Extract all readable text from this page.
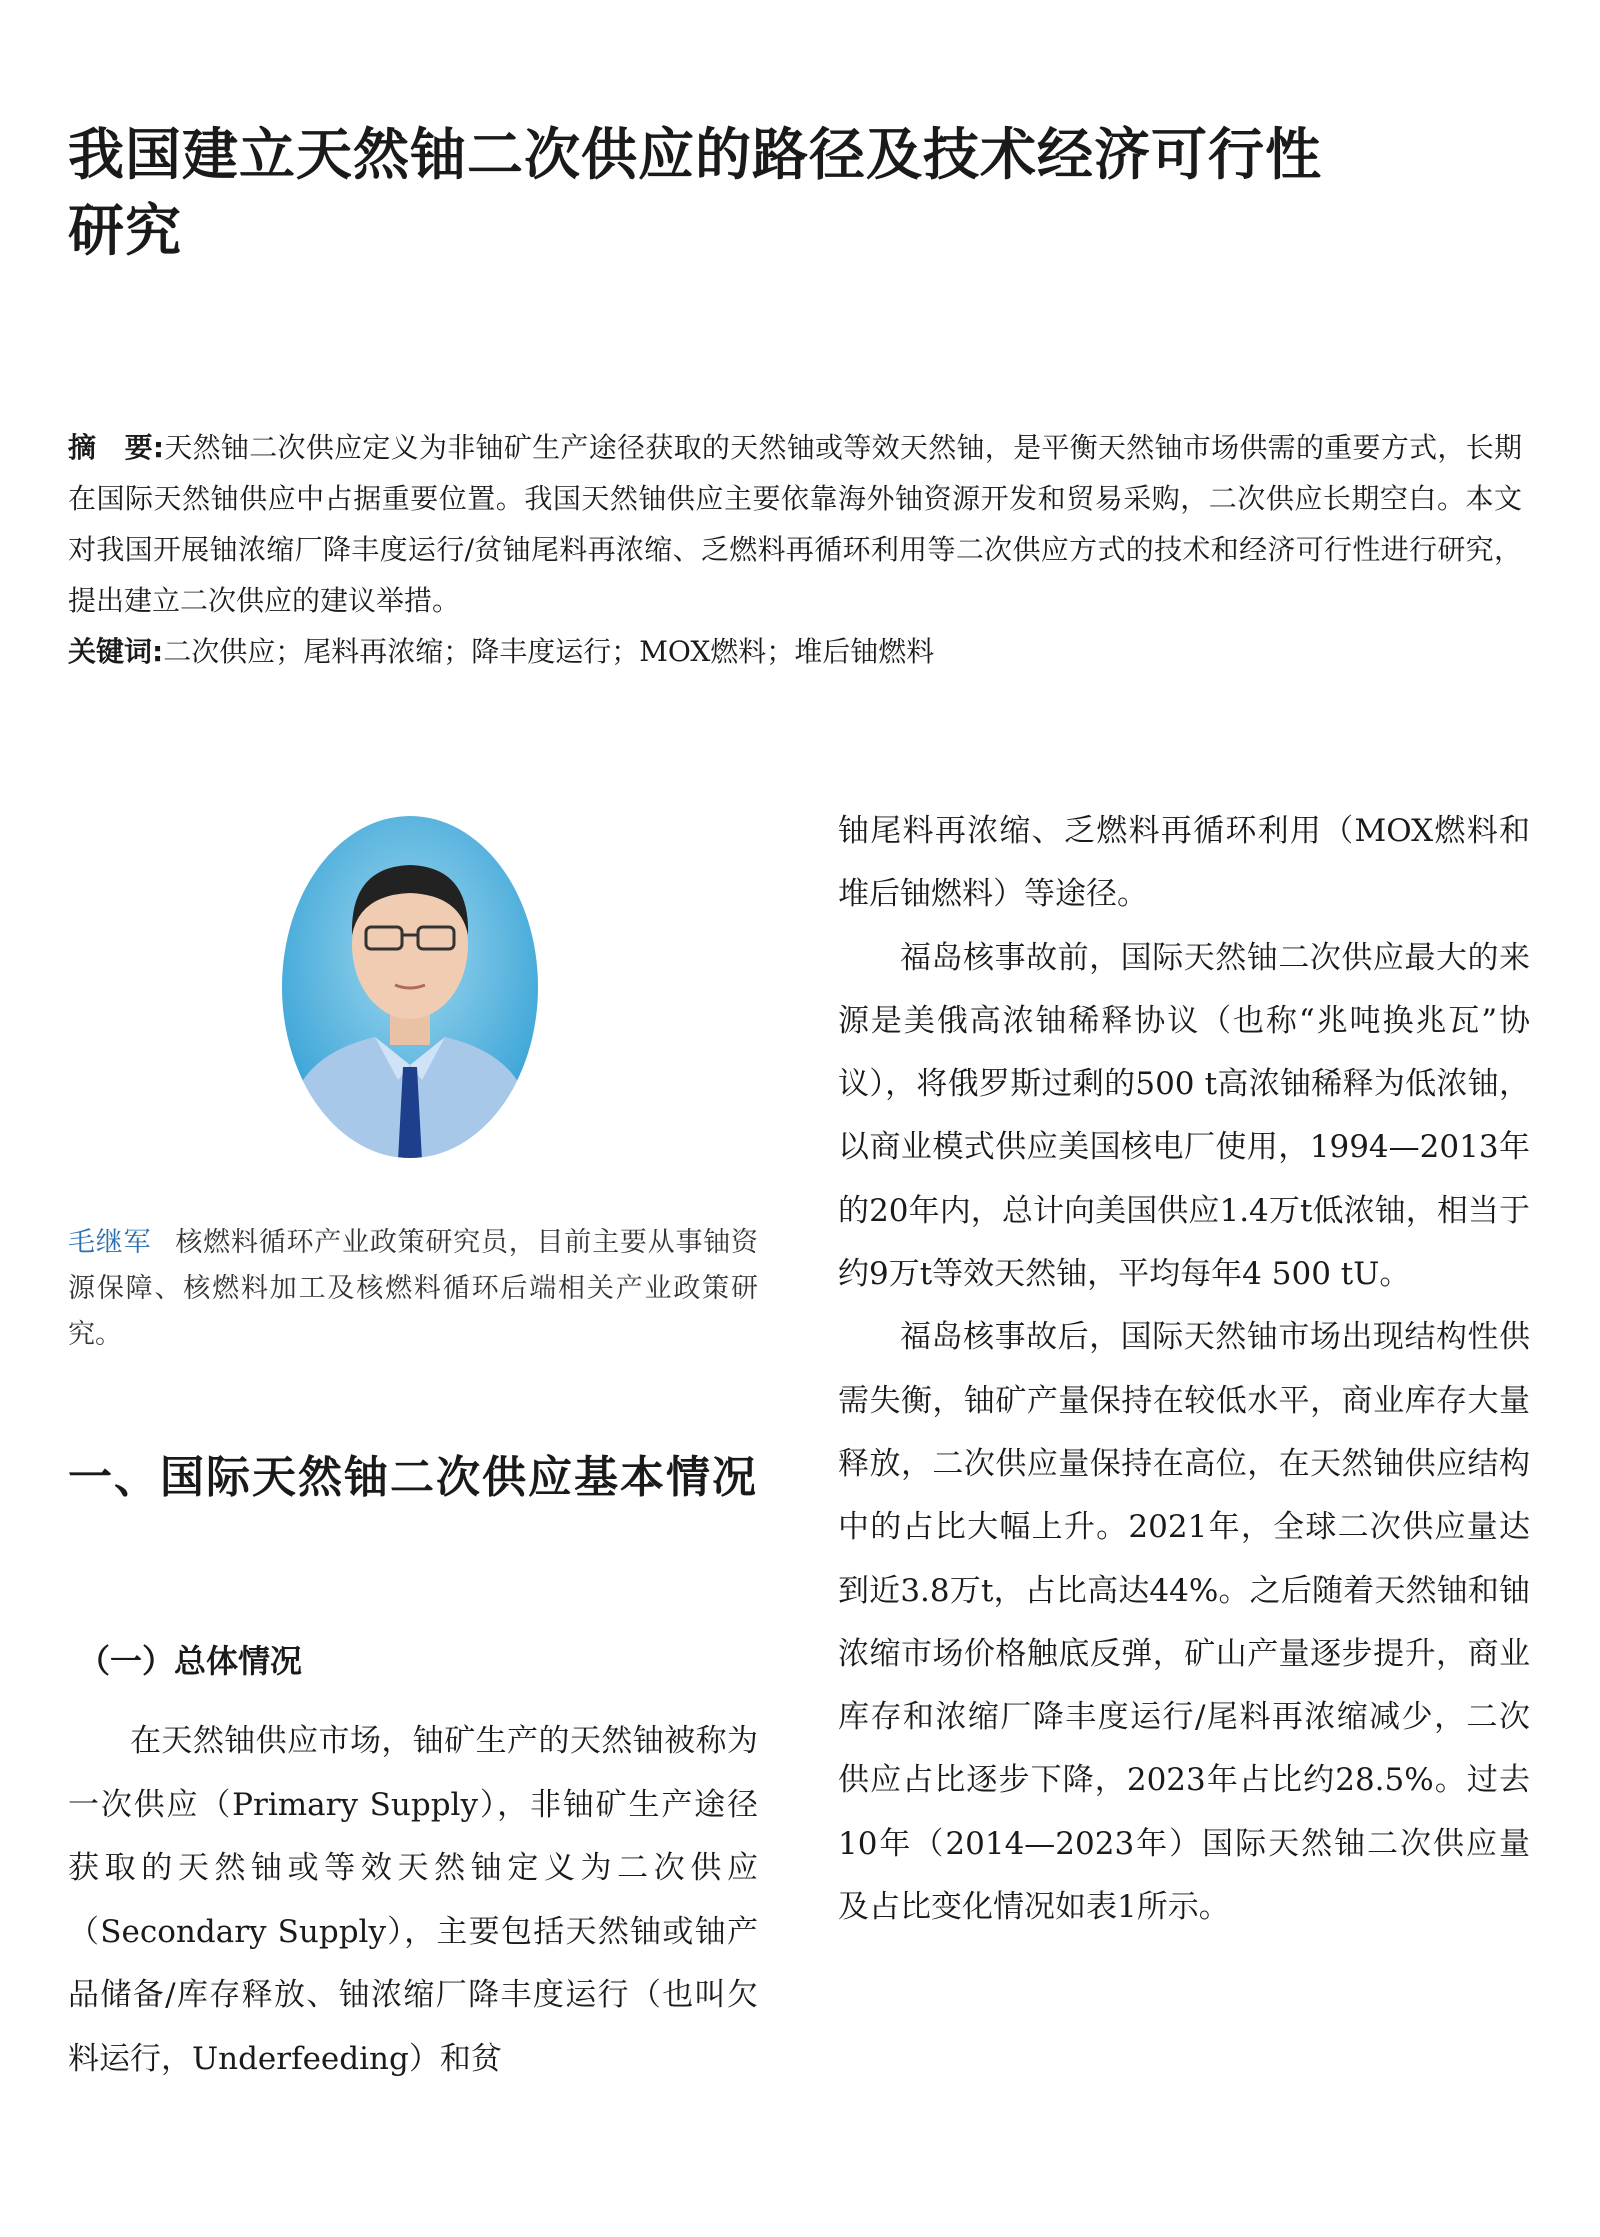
我国建立天然铀二次供应的路径及技术经济可行性
研究

摘　要:天然铀二次供应定义为非铀矿生产途径获取的天然铀或等效天然铀，是平衡天然铀市场供需的重要方式，长期在国际天然铀供应中占据重要位置。我国天然铀供应主要依靠海外铀资源开发和贸易采购，二次供应长期空白。本文对我国开展铀浓缩厂降丰度运行/贫铀尾料再浓缩、乏燃料再循环利用等二次供应方式的技术和经济可行性进行研究，提出建立二次供应的建议举措。

关键词:二次供应；尾料再浓缩；降丰度运行；MOX燃料；堆后铀燃料

毛继军 核燃料循环产业政策研究员，目前主要从事铀资源保障、核燃料加工及核燃料循环后端相关产业政策研究。
一、国际天然铀二次供应基本情况
（一）总体情况

在天然铀供应市场，铀矿生产的天然铀被称为一次供应（Primary Supply），非铀矿生产途径获取的天然铀或等效天然铀定义为二次供应（Secondary Supply），主要包括天然铀或铀产品储备/库存释放、铀浓缩厂降丰度运行（也叫欠料运行，Underfeeding）和贫

铀尾料再浓缩、乏燃料再循环利用（MOX燃料和堆后铀燃料）等途径。

福岛核事故前，国际天然铀二次供应最大的来源是美俄高浓铀稀释协议（也称“兆吨换兆瓦”协议），将俄罗斯过剩的500 t高浓铀稀释为低浓铀，以商业模式供应美国核电厂使用，1994—2013年的20年内，总计向美国供应1.4万t低浓铀，相当于约9万t等效天然铀，平均每年4 500 tU。

福岛核事故后，国际天然铀市场出现结构性供需失衡，铀矿产量保持在较低水平，商业库存大量释放，二次供应量保持在高位，在天然铀供应结构中的占比大幅上升。2021年，全球二次供应量达到近3.8万t，占比高达44%。之后随着天然铀和铀浓缩市场价格触底反弹，矿山产量逐步提升，商业库存和浓缩厂降丰度运行/尾料再浓缩减少，二次供应占比逐步下降，2023年占比约28.5%。过去10年（2014—2023年）国际天然铀二次供应量及占比变化情况如表1所示。
